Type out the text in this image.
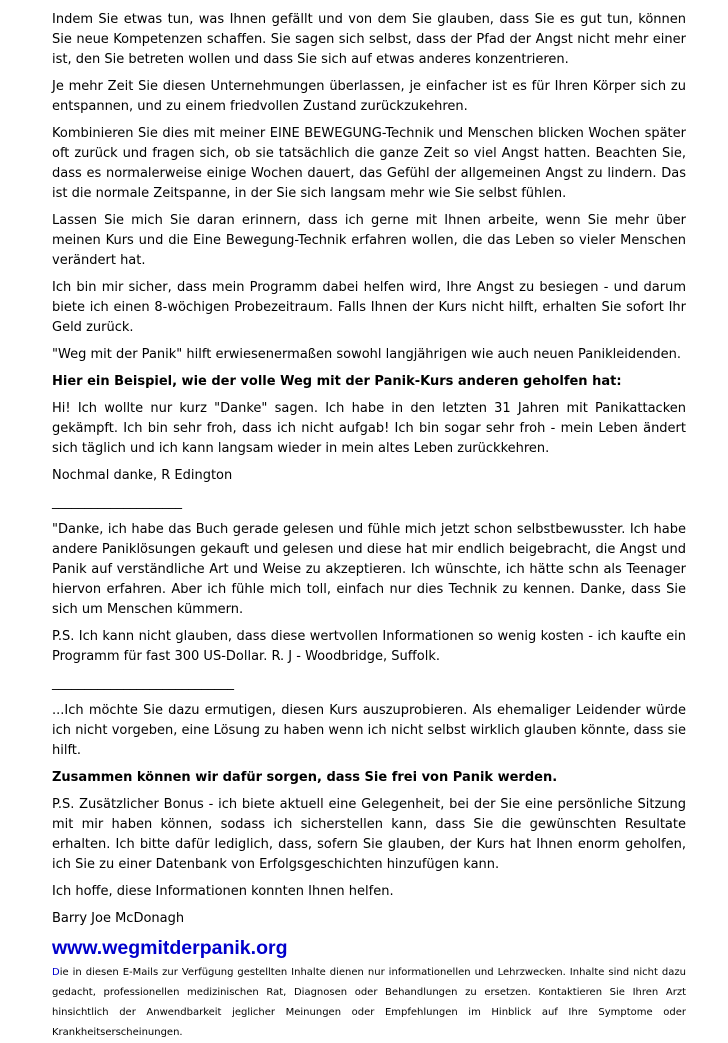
Indem Sie etwas tun, was Ihnen gefällt und von dem Sie glauben, dass Sie es gut tun, können Sie neue Kompetenzen schaffen. Sie sagen sich selbst, dass der Pfad der Angst nicht mehr einer ist, den Sie betreten wollen und dass Sie sich auf etwas anderes konzentrieren.

Je mehr Zeit Sie diesen Unternehmungen überlassen, je einfacher ist es für Ihren Körper sich zu entspannen, und zu einem friedvollen Zustand zurückzukehren.

Kombinieren Sie dies mit meiner EINE BEWEGUNG-Technik und Menschen blicken Wochen später oft zurück und fragen sich, ob sie tatsächlich die ganze Zeit so viel Angst hatten. Beachten Sie, dass es normalerweise einige Wochen dauert, das Gefühl der allgemeinen Angst zu lindern. Das ist die normale Zeitspanne, in der Sie sich langsam mehr wie Sie selbst fühlen.

Lassen Sie mich Sie daran erinnern, dass ich gerne mit Ihnen arbeite, wenn Sie mehr über meinen Kurs und die Eine Bewegung-Technik erfahren wollen, die das Leben so vieler Menschen verändert hat.

Ich bin mir sicher, dass mein Programm dabei helfen wird, Ihre Angst zu besiegen - und darum biete ich einen 8-wöchigen Probezeitraum. Falls Ihnen der Kurs nicht hilft, erhalten Sie sofort Ihr Geld zurück.

"Weg mit der Panik" hilft erwiesenermaßen sowohl langjährigen wie auch neuen Panikleidenden.

Hier ein Beispiel, wie der volle Weg mit der Panik-Kurs anderen geholfen hat:

Hi! Ich wollte nur kurz "Danke" sagen. Ich habe in den letzten 31 Jahren mit Panikattacken gekämpft. Ich bin sehr froh, dass ich nicht aufgab! Ich bin sogar sehr froh - mein Leben ändert sich täglich und ich kann langsam wieder in mein altes Leben zurückkehren.

Nochmal danke, R Edington

____________________

"Danke, ich habe das Buch gerade gelesen und fühle mich jetzt schon selbstbewusster. Ich habe andere Paniklösungen gekauft und gelesen und diese hat mir endlich beigebracht, die Angst und Panik auf verständliche Art und Weise zu akzeptieren. Ich wünschte, ich hätte schn als Teenager hiervon erfahren. Aber ich fühle mich toll, einfach nur dies Technik zu kennen. Danke, dass Sie sich um Menschen kümmern.

P.S. Ich kann nicht glauben, dass diese wertvollen Informationen so wenig kosten - ich kaufte ein Programm für fast 300 US-Dollar. R. J - Woodbridge, Suffolk.

____________________________

...Ich möchte Sie dazu ermutigen, diesen Kurs auszuprobieren. Als ehemaliger Leidender würde ich nicht vorgeben, eine Lösung zu haben wenn ich nicht selbst wirklich glauben könnte, dass sie hilft.

Zusammen können wir dafür sorgen, dass Sie frei von Panik werden.

P.S. Zusätzlicher Bonus - ich biete aktuell eine Gelegenheit, bei der Sie eine persönliche Sitzung mit mir haben können, sodass ich sicherstellen kann, dass Sie die gewünschten Resultate erhalten. Ich bitte dafür lediglich, dass, sofern Sie glauben, der Kurs hat Ihnen enorm geholfen, ich Sie zu einer Datenbank von Erfolgsgeschichten hinzufügen kann.

Ich hoffe, diese Informationen konnten Ihnen helfen.

Barry Joe McDonagh

www.wegmitderpanik.org

Die in diesen E-Mails zur Verfügung gestellten Inhalte dienen nur informationellen und Lehrzwecken. Inhalte sind nicht dazu gedacht, professionellen medizinischen Rat, Diagnosen oder Behandlungen zu ersetzen. Kontaktieren Sie Ihren Arzt hinsichtlich der Anwendbarkeit jeglicher Meinungen oder Empfehlungen im Hinblick auf Ihre Symptome oder Krankheitserscheinungen.
